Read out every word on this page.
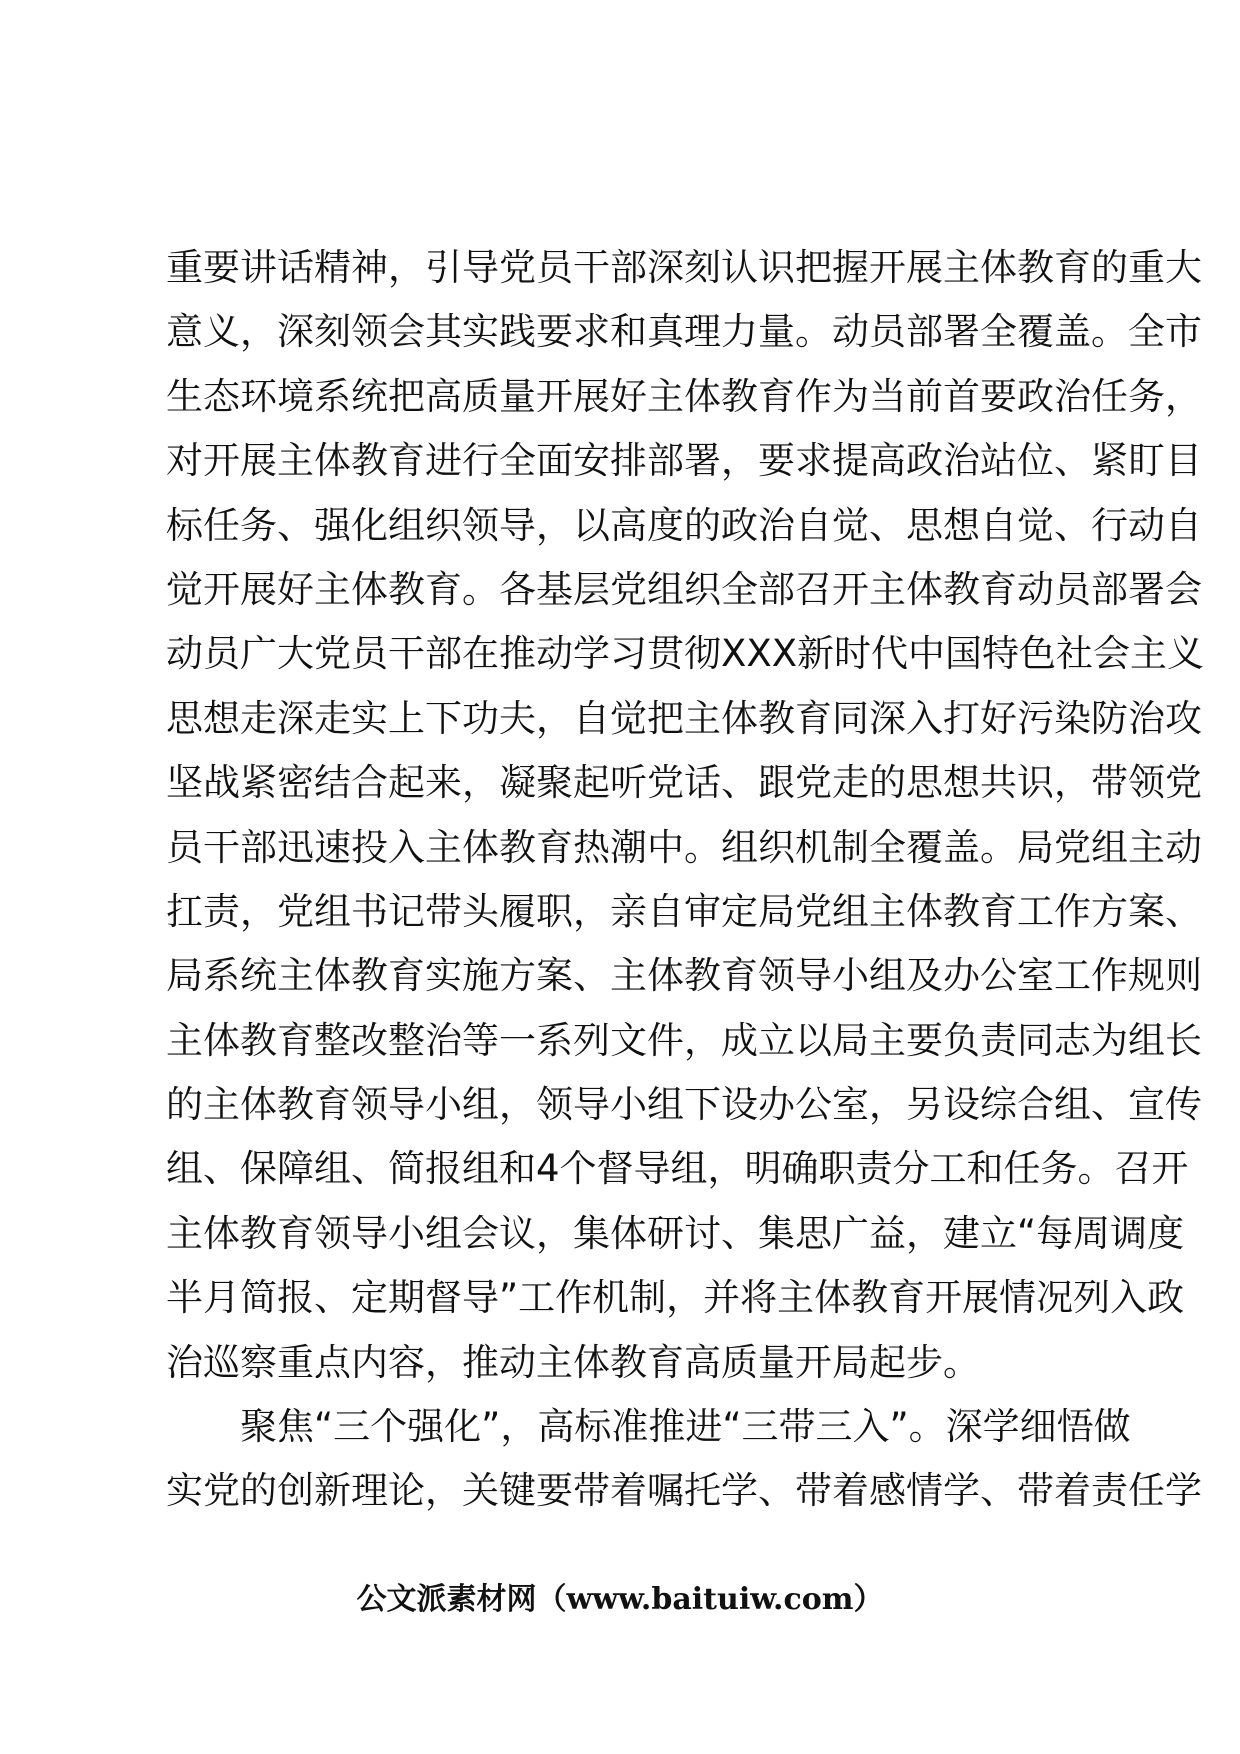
重要讲话精神，引导党员干部深刻认识把握开展主体教育的重大
意义，深刻领会其实践要求和真理力量。动员部署全覆盖。全市
生态环境系统把高质量开展好主体教育作为当前首要政治任务，
对开展主体教育进行全面安排部署，要求提高政治站位、紧盯目
标任务、强化组织领导，以高度的政治自觉、思想自觉、行动自
觉开展好主体教育。各基层党组织全部召开主体教育动员部署会
动员广大党员干部在推动学习贯彻XXX新时代中国特色社会主义
思想走深走实上下功夫，自觉把主体教育同深入打好污染防治攻
坚战紧密结合起来，凝聚起听党话、跟党走的思想共识，带领党
员干部迅速投入主体教育热潮中。组织机制全覆盖。局党组主动
扛责，党组书记带头履职，亲自审定局党组主体教育工作方案、
局系统主体教育实施方案、主体教育领导小组及办公室工作规则
主体教育整改整治等一系列文件，成立以局主要负责同志为组长
的主体教育领导小组，领导小组下设办公室，另设综合组、宣传
组、保障组、简报组和4个督导组，明确职责分工和任务。召开
主体教育领导小组会议，集体研讨、集思广益，建立“每周调度
半月简报、定期督导”工作机制，并将主体教育开展情况列入政
治巡察重点内容，推动主体教育高质量开局起步。
　　聚焦“三个强化”，高标准推进“三带三入”。深学细悟做
实党的创新理论，关键要带着嘱托学、带着感情学、带着责任学
公文派素材网（www.baituiw.com）
